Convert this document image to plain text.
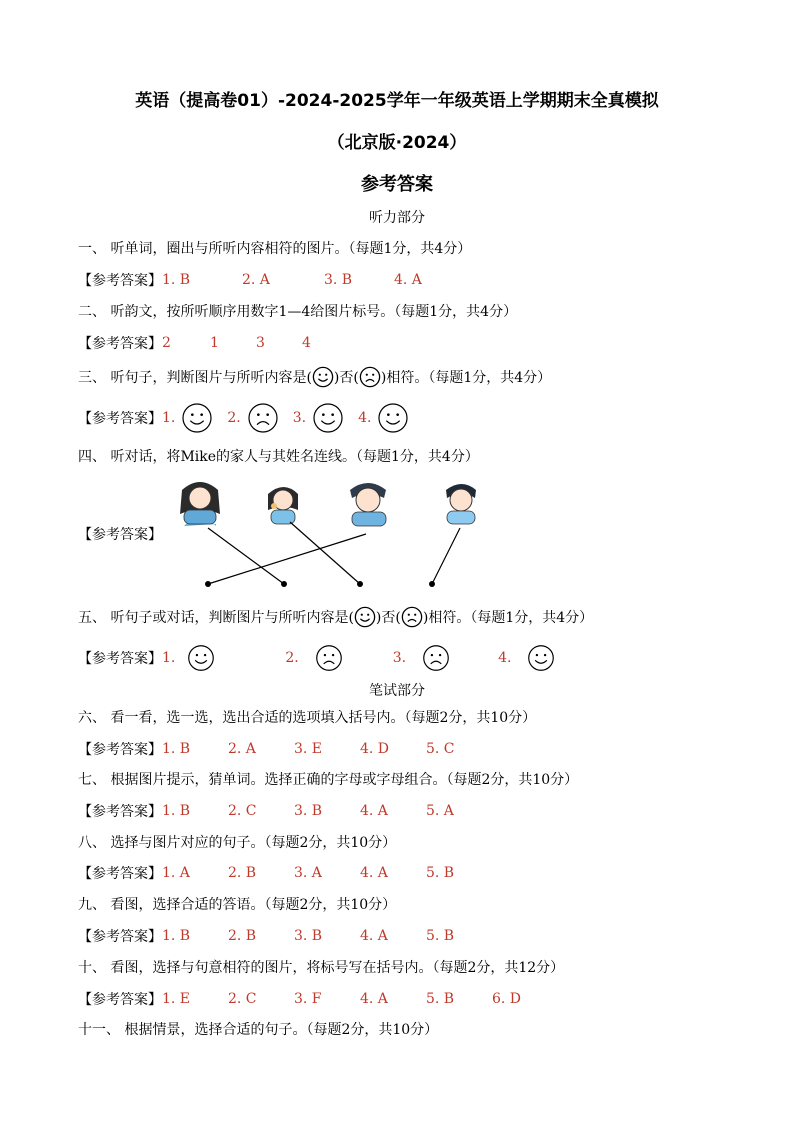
英语（提高卷01）-2024-2025学年一年级英语上学期期末全真模拟
（北京版·2024）
参考答案
听力部分
一、 听单词，圈出与所听内容相符的图片。（每题1分，共4分）
【参考答案】 1. B	2. A	3. B	4. A
二、 听韵文，按所听顺序用数字1—4给图片标号。（每题1分，共4分）
【参考答案】 2	1	3	4
三、 听句子，判断图片与所听内容是( )否( )相符。（每题1分，共4分）
【参考答案】 1.	2.	3.	4.
四、 听对话，将Mike的家人与其姓名连线。（每题1分，共4分）
【参考答案】
五、 听句子或对话，判断图片与所听内容是( )否( )相符。（每题1分，共4分）
【参考答案】 1.	2.	3.	4.
笔试部分
六、 看一看，选一选，选出合适的选项填入括号内。（每题2分，共10分）
【参考答案】 1. B	2. A	3. E	4. D	5. C
七、 根据图片提示，猜单词。选择正确的字母或字母组合。（每题2分，共10分）
【参考答案】 1. B	2. C	3. B	4. A	5. A
八、 选择与图片对应的句子。（每题2分，共10分）
【参考答案】 1. A	2. B	3. A	4. A	5. B
九、 看图，选择合适的答语。（每题2分，共10分）
【参考答案】 1. B	2. B	3. B	4. A	5. B
十、 看图，选择与句意相符的图片，将标号写在括号内。（每题2分，共12分）
【参考答案】 1. E	2. C	3. F	4. A	5. B	6. D
十一、 根据情景，选择合适的句子。（每题2分，共10分）
